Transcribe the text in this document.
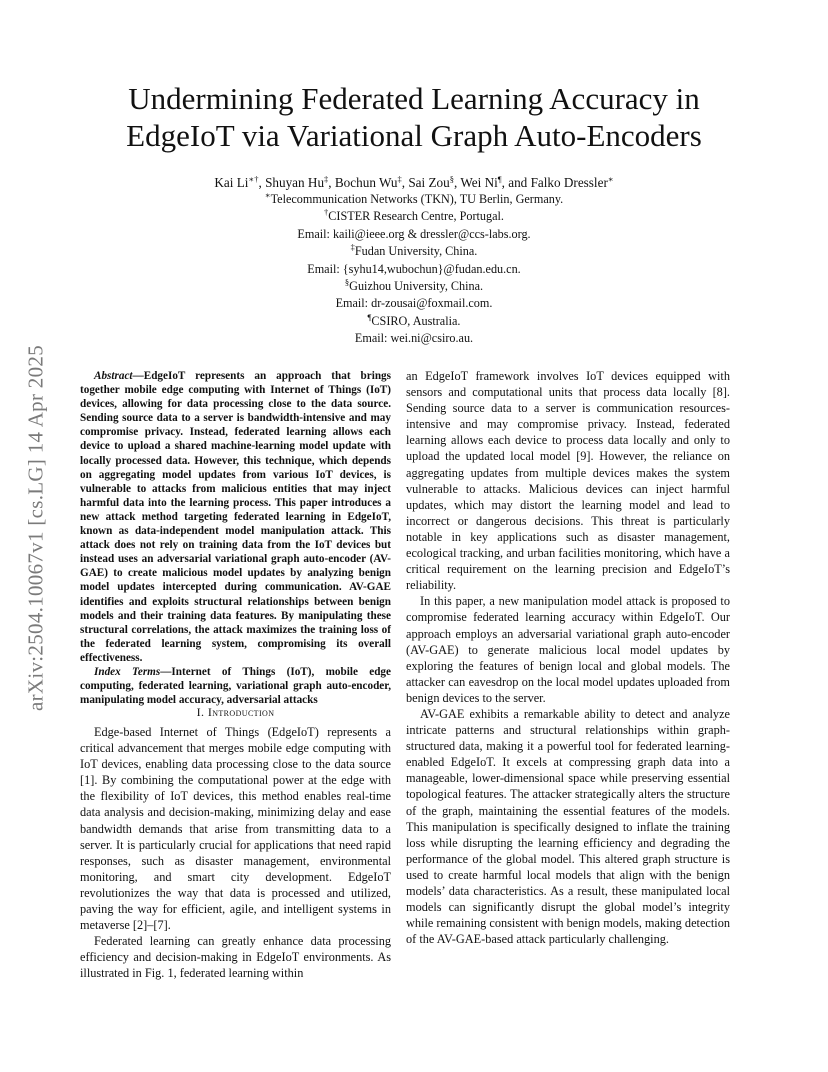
arXiv:2504.10067v1 [cs.LG] 14 Apr 2025
Undermining Federated Learning Accuracy in
EdgeIoT via Variational Graph Auto-Encoders
Kai Li∗†, Shuyan Hu‡, Bochun Wu‡, Sai Zou§, Wei Ni¶, and Falko Dressler∗
∗Telecommunication Networks (TKN), TU Berlin, Germany.
†CISTER Research Centre, Portugal.
Email: kaili@ieee.org & dressler@ccs-labs.org.
‡Fudan University, China.
Email: {syhu14,wubochun}@fudan.edu.cn.
§Guizhou University, China.
Email: dr-zousai@foxmail.com.
¶CSIRO, Australia.
Email: wei.ni@csiro.au.

Abstract—EdgeIoT represents an approach that brings together mobile edge computing with Internet of Things (IoT) devices, allowing for data processing close to the data source. Sending source data to a server is bandwidth-intensive and may compromise privacy. Instead, federated learning allows each device to upload a shared machine-learning model update with locally processed data. However, this technique, which depends on aggregating model updates from various IoT devices, is vulnerable to attacks from malicious entities that may inject harmful data into the learning process. This paper introduces a new attack method targeting federated learning in EdgeIoT, known as data-independent model manipulation attack. This attack does not rely on training data from the IoT devices but instead uses an adversarial variational graph auto-encoder (AV-GAE) to create malicious model updates by analyzing benign model updates intercepted during communication. AV-GAE identifies and exploits structural relationships between benign models and their training data features. By manipulating these structural correlations, the attack maximizes the training loss of the federated learning system, compromising its overall effectiveness.

Index Terms—Internet of Things (IoT), mobile edge computing, federated learning, variational graph auto-encoder, manipulating model accuracy, adversarial attacks

I. Introduction

Edge-based Internet of Things (EdgeIoT) represents a critical advancement that merges mobile edge computing with IoT devices, enabling data processing close to the data source [1]. By combining the computational power at the edge with the flexibility of IoT devices, this method enables real-time data analysis and decision-making, minimizing delay and ease bandwidth demands that arise from transmitting data to a server. It is particularly crucial for applications that need rapid responses, such as disaster management, environmental monitoring, and smart city development. EdgeIoT revolutionizes the way that data is processed and utilized, paving the way for efficient, agile, and intelligent systems in metaverse [2]–[7].

Federated learning can greatly enhance data processing efficiency and decision-making in EdgeIoT environments. As illustrated in Fig. 1, federated learning within

an EdgeIoT framework involves IoT devices equipped with sensors and computational units that process data locally [8]. Sending source data to a server is communication resources-intensive and may compromise privacy. Instead, federated learning allows each device to process data locally and only to upload the updated local model [9]. However, the reliance on aggregating updates from multiple devices makes the system vulnerable to attacks. Malicious devices can inject harmful updates, which may distort the learning model and lead to incorrect or dangerous decisions. This threat is particularly notable in key applications such as disaster management, ecological tracking, and urban facilities monitoring, which have a critical requirement on the learning precision and EdgeIoT’s reliability.

In this paper, a new manipulation model attack is proposed to compromise federated learning accuracy within EdgeIoT. Our approach employs an adversarial variational graph auto-encoder (AV-GAE) to generate malicious local model updates by exploring the features of benign local and global models. The attacker can eavesdrop on the local model updates uploaded from benign devices to the server.

AV-GAE exhibits a remarkable ability to detect and analyze intricate patterns and structural relationships within graph-structured data, making it a powerful tool for federated learning-enabled EdgeIoT. It excels at compressing graph data into a manageable, lower-dimensional space while preserving essential topological features. The attacker strategically alters the structure of the graph, maintaining the essential features of the models. This manipulation is specifically designed to inflate the training loss while disrupting the learning efficiency and degrading the performance of the global model. This altered graph structure is used to create harmful local models that align with the benign models’ data characteristics. As a result, these manipulated local models can significantly disrupt the global model’s integrity while remaining consistent with benign models, making detection of the AV-GAE-based attack particularly challenging.
